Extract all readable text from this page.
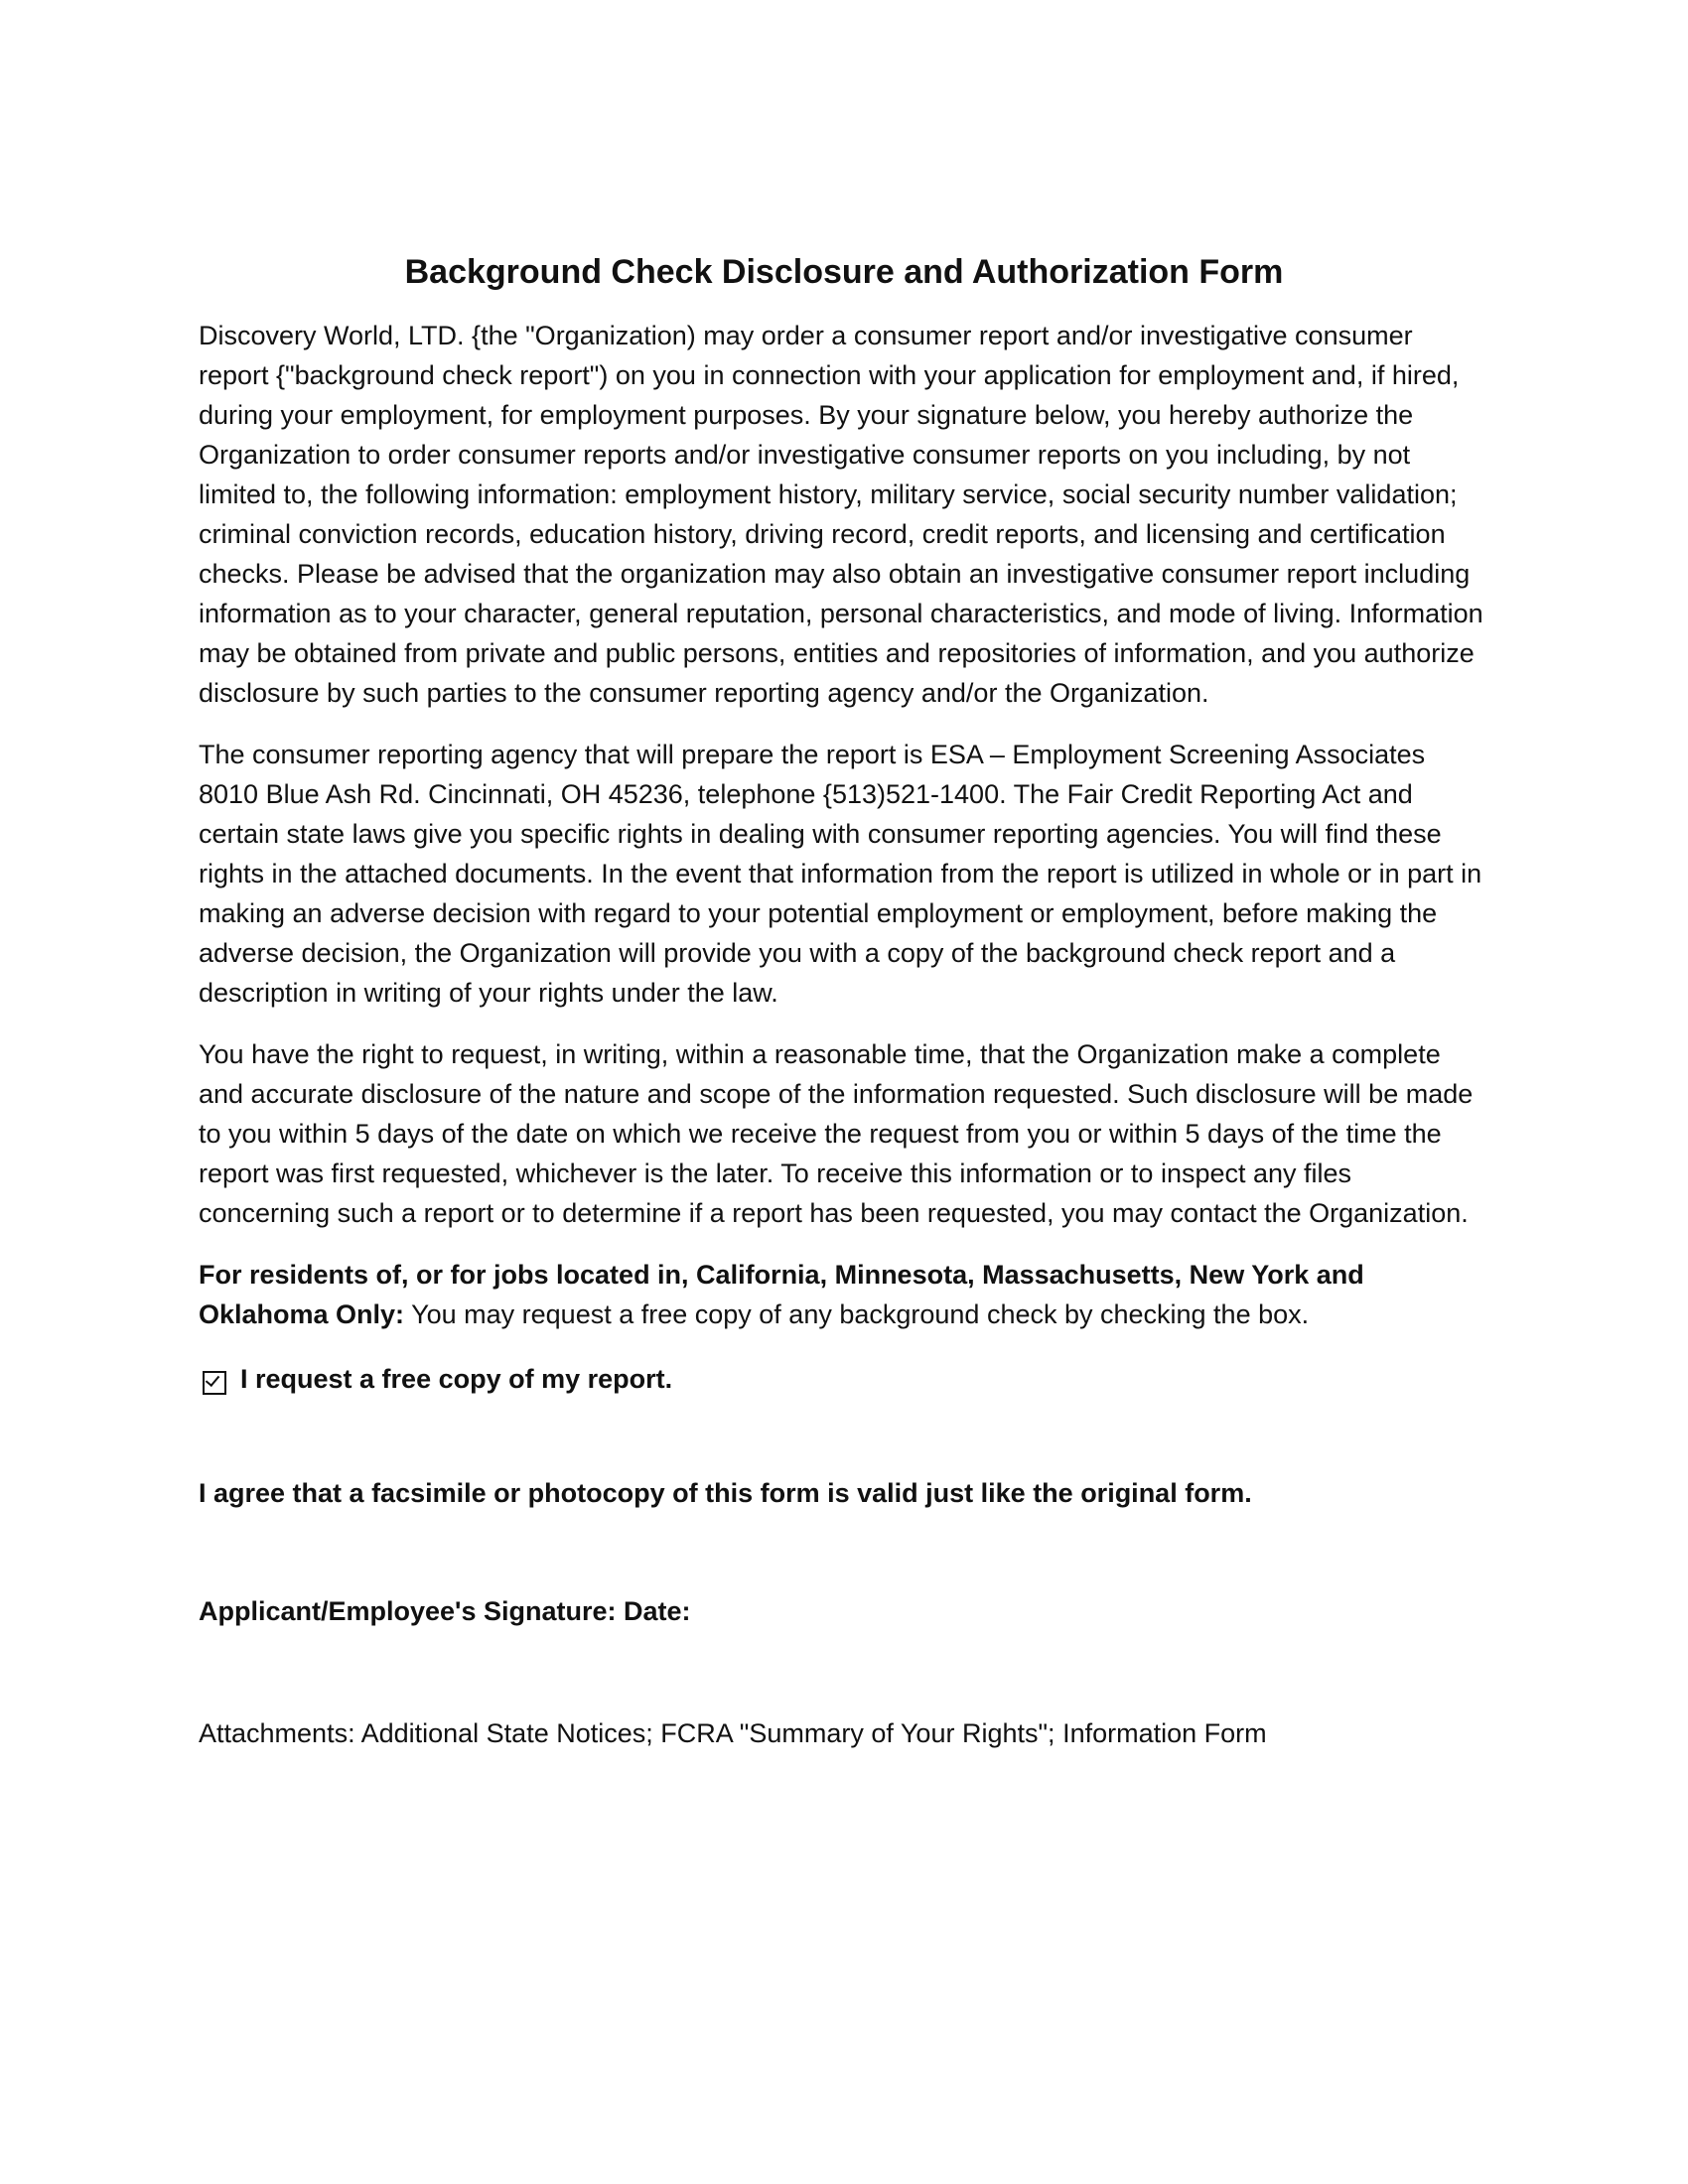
Background Check Disclosure and Authorization Form

Discovery World, LTD. {the "Organization) may order a consumer report and/or investigative consumer report {"background check report") on you in connection with your application for employment and, if hired, during your employment, for employment purposes. By your signature below, you hereby authorize the Organization to order consumer reports and/or investigative consumer reports on you including, by not limited to, the following information: employment history, military service, social security number validation; criminal conviction records, education history, driving record, credit reports, and licensing and certification checks. Please be advised that the organization may also obtain an investigative consumer report including information as to your character, general reputation, personal characteristics, and mode of living. Information may be obtained from private and public persons, entities and repositories of information, and you authorize disclosure by such parties to the consumer reporting agency and/or the Organization.

The consumer reporting agency that will prepare the report is ESA – Employment Screening Associates 8010 Blue Ash Rd. Cincinnati, OH 45236, telephone {513)521-1400. The Fair Credit Reporting Act and certain state laws give you specific rights in dealing with consumer reporting agencies. You will find these rights in the attached documents. In the event that information from the report is utilized in whole or in part in making an adverse decision with regard to your potential employment or employment, before making the adverse decision, the Organization will provide you with a copy of the background check report and a description in writing of your rights under the law.

You have the right to request, in writing, within a reasonable time, that the Organization make a complete and accurate disclosure of the nature and scope of the information requested. Such disclosure will be made to you within 5 days of the date on which we receive the request from you or within 5 days of the time the report was first requested, whichever is the later. To receive this information or to inspect any files concerning such a report or to determine if a report has been requested, you may contact the Organization.

For residents of, or for jobs located in, California, Minnesota, Massachusetts, New York and Oklahoma Only: You may request a free copy of any background check by checking the box.

I request a free copy of my report.
I agree that a facsimile or photocopy of this form is valid just like the original form.
Applicant/Employee's Signature: Date:
Attachments: Additional State Notices; FCRA "Summary of Your Rights"; Information Form
